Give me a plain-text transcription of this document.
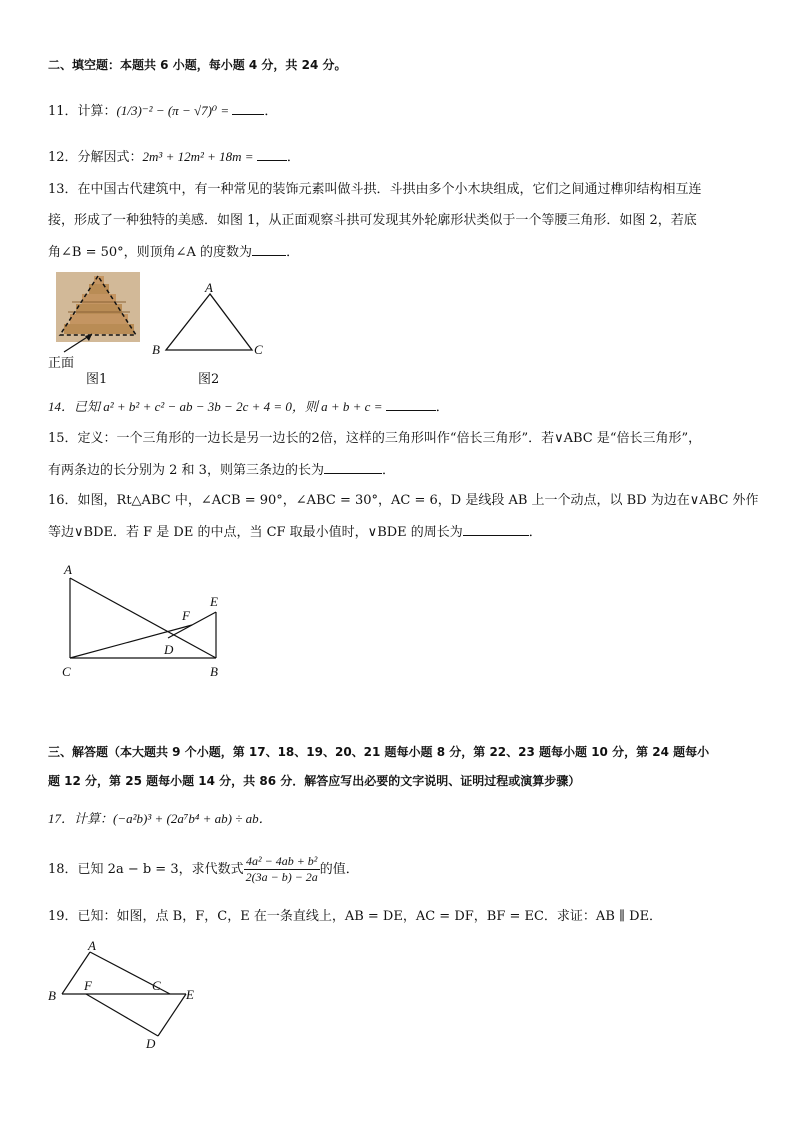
二、填空题：本题共 6 小题，每小题 4 分，共 24 分。
11．计算：(1/3)⁻² − (π − √7)⁰ = ．
12．分解因式：2m³ + 12m² + 18m = ．
13．在中国古代建筑中，有一种常见的装饰元素叫做斗拱．斗拱由多个小木块组成，它们之间通过榫卯结构相互连
接，形成了一种独特的美感．如图 1，从正面观察斗拱可发现其外轮廓形状类似于一个等腰三角形．如图 2，若底
角∠B = 50°，则顶角∠A 的度数为	．
正面
图1
A
B	C
图2
14．已知 a² + b² + c² − ab − 3b − 2c + 4 = 0，则 a + b + c =	．
15．定义：一个三角形的一边长是另一边长的2倍，这样的三角形叫作“倍长三角形”．若∨ABC 是“倍长三角形”，
有两条边的长分别为 2 和 3，则第三条边的长为	．
16．如图，Rt△ABC 中，∠ACB = 90°，∠ABC = 30°，AC = 6，D 是线段 AB 上一个动点，以 BD 为边在∨ABC 外作
等边∨BDE．若 F 是 DE 的中点，当 CF 取最小值时，∨BDE 的周长为	．
A
C	B
D
E
F
三、解答题（本大题共 9 个小题，第 17、18、19、20、21 题每小题 8 分，第 22、23 题每小题 10 分，第 24 题每小
题 12 分，第 25 题每小题 14 分，共 86 分．解答应写出必要的文字说明、证明过程或演算步骤）
17．计算：(−a²b)³ + (2a⁷b⁴ + ab) ÷ ab．
18．已知 2a − b = 3，求代数式 $\frac{\text{4a² − 4ab + b²}}{2(3a - b) - 2a}$ 的值．
19．已知：如图，点 B，F，C，E 在一条直线上，AB = DE，AC = DF，BF = EC．求证：AB ∥ DE．
A
B
F	C
E
D
